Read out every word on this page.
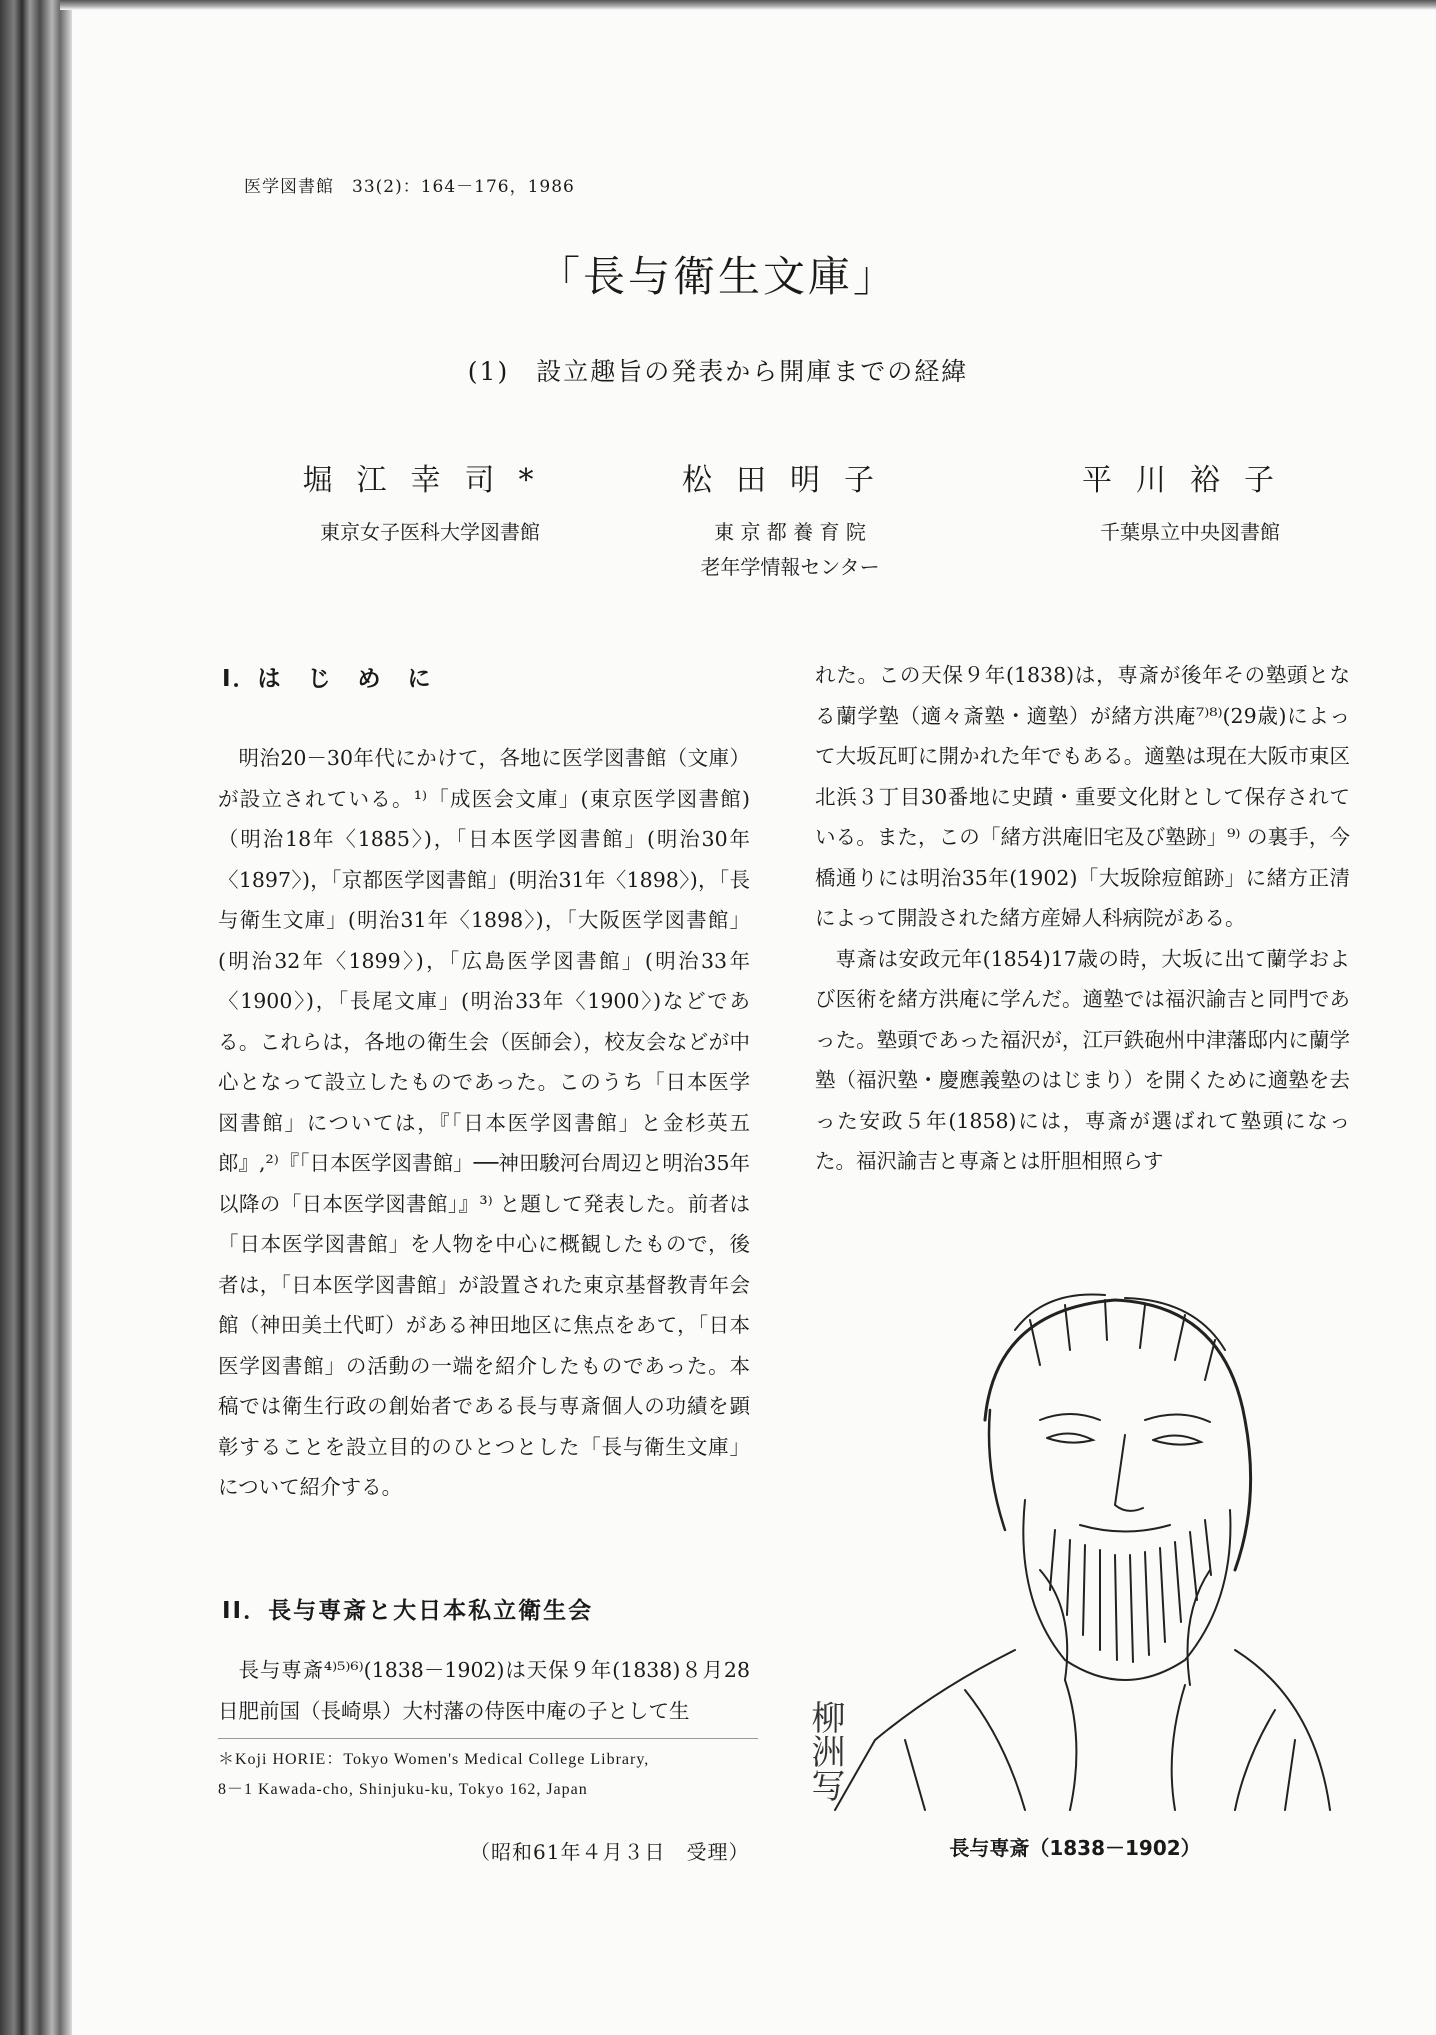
医学図書館　33(2)：164－176，1986
「長与衛生文庫」
(1)　設立趣旨の発表から開庫までの経緯
堀江幸司*
東京女子医科大学図書館
松田明子
東 京 都 養 育 院
老年学情報センター
平川裕子
千葉県立中央図書館
I．は　じ　め　に

明治20－30年代にかけて，各地に医学図書館（文庫）が設立されている。¹⁾「成医会文庫」(東京医学図書館)（明治18年〈1885〉)，「日本医学図書館」(明治30年〈1897〉)，「京都医学図書館」(明治31年〈1898〉)，「長与衛生文庫」(明治31年〈1898〉)，「大阪医学図書館」(明治32年〈1899〉)，「広島医学図書館」(明治33年〈1900〉)，「長尾文庫」(明治33年〈1900〉)などである。これらは，各地の衛生会（医師会），校友会などが中心となって設立したものであった。このうち「日本医学図書館」については，『「日本医学図書館」と金杉英五郎』,²⁾『「日本医学図書館」──神田駿河台周辺と明治35年以降の「日本医学図書館」』³⁾ と題して発表した。前者は「日本医学図書館」を人物を中心に概観したもので，後者は，「日本医学図書館」が設置された東京基督教青年会館（神田美土代町）がある神田地区に焦点をあて，「日本医学図書館」の活動の一端を紹介したものであった。本稿では衛生行政の創始者である長与専斎個人の功績を顕彰することを設立目的のひとつとした「長与衛生文庫」について紹介する。

II．長与専斎と大日本私立衛生会

れた。この天保９年(1838)は，専斎が後年その塾頭となる蘭学塾（適々斎塾・適塾）が緒方洪庵⁷⁾⁸⁾(29歳)によって大坂瓦町に開かれた年でもある。適塾は現在大阪市東区北浜３丁目30番地に史蹟・重要文化財として保存されている。また，この「緒方洪庵旧宅及び塾跡」⁹⁾ の裏手，今橋通りには明治35年(1902)「大坂除痘館跡」に緒方正清によって開設された緒方産婦人科病院がある。

専斎は安政元年(1854)17歳の時，大坂に出て蘭学および医術を緒方洪庵に学んだ。適塾では福沢諭吉と同門であった。塾頭であった福沢が，江戸鉄砲州中津藩邸内に蘭学塾（福沢塾・慶應義塾のはじまり）を開くために適塾を去った安政５年(1858)には，専斎が選ばれて塾頭になった。福沢諭吉と専斎とは肝胆相照らす

柳洲写
長与専斎（1838－1902）

長与専斎⁴⁾⁵⁾⁶⁾(1838－1902)は天保９年(1838)８月28日肥前国（長崎県）大村藩の侍医中庵の子として生

＊Koji HORIE：Tokyo Women's Medical College Library,
8－1 Kawada-cho, Shinjuku-ku, Tokyo 162, Japan
（昭和61年４月３日　受理）
